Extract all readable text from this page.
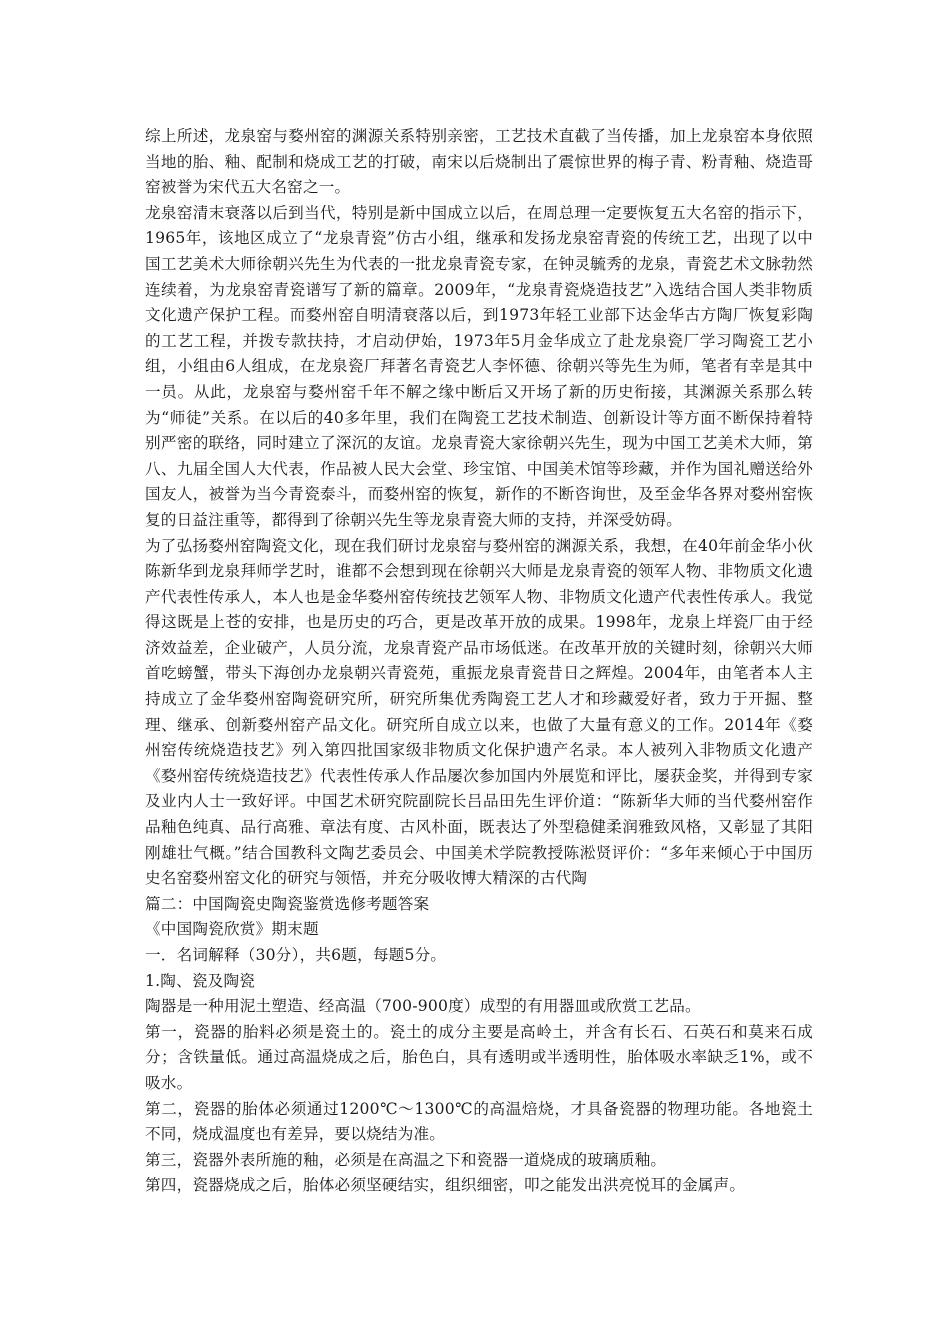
综上所述，龙泉窑与婺州窑的渊源关系特别亲密，工艺技术直截了当传播，加上龙泉窑本身依照当地的胎、釉、配制和烧成工艺的打破，南宋以后烧制出了震惊世界的梅子青、粉青釉、烧造哥窑被誉为宋代五大名窑之一。

龙泉窑清末衰落以后到当代，特别是新中国成立以后，在周总理一定要恢复五大名窑的指示下，1965年，该地区成立了“龙泉青瓷”仿古小组，继承和发扬龙泉窑青瓷的传统工艺，出现了以中国工艺美术大师徐朝兴先生为代表的一批龙泉青瓷专家，在钟灵毓秀的龙泉，青瓷艺术文脉勃然连续着，为龙泉窑青瓷谱写了新的篇章。2009年，“龙泉青瓷烧造技艺”入选结合国人类非物质文化遗产保护工程。而婺州窑自明清衰落以后，到1973年轻工业部下达金华古方陶厂恢复彩陶的工艺工程，并拨专款扶持，才启动伊始，1973年5月金华成立了赴龙泉瓷厂学习陶瓷工艺小组，小组由6人组成，在龙泉瓷厂拜著名青瓷艺人李怀德、徐朝兴等先生为师，笔者有幸是其中一员。从此，龙泉窑与婺州窑千年不解之缘中断后又开场了新的历史衔接，其渊源关系那么转为“师徒”关系。在以后的40多年里，我们在陶瓷工艺技术制造、创新设计等方面不断保持着特别严密的联络，同时建立了深沉的友谊。龙泉青瓷大家徐朝兴先生，现为中国工艺美术大师，第八、九届全国人大代表，作品被人民大会堂、珍宝馆、中国美术馆等珍藏，并作为国礼赠送给外国友人，被誉为当今青瓷泰斗，而婺州窑的恢复，新作的不断咨询世，及至金华各界对婺州窑恢复的日益注重等，都得到了徐朝兴先生等龙泉青瓷大师的支持，并深受妨碍。

为了弘扬婺州窑陶瓷文化，现在我们研讨龙泉窑与婺州窑的渊源关系，我想，在40年前金华小伙陈新华到龙泉拜师学艺时，谁都不会想到现在徐朝兴大师是龙泉青瓷的领军人物、非物质文化遗产代表性传承人，本人也是金华婺州窑传统技艺领军人物、非物质文化遗产代表性传承人。我觉得这既是上苍的安排，也是历史的巧合，更是改革开放的成果。1998年，龙泉上垟瓷厂由于经济效益差，企业破产，人员分流，龙泉青瓷产品市场低迷。在改革开放的关键时刻，徐朝兴大师首吃螃蟹，带头下海创办龙泉朝兴青瓷苑，重振龙泉青瓷昔日之辉煌。2004年，由笔者本人主持成立了金华婺州窑陶瓷研究所，研究所集优秀陶瓷工艺人才和珍藏爱好者，致力于开掘、整理、继承、创新婺州窑产品文化。研究所自成立以来，也做了大量有意义的工作。2014年《婺州窑传统烧造技艺》列入第四批国家级非物质文化保护遗产名录。本人被列入非物质文化遗产《婺州窑传统烧造技艺》代表性传承人作品屡次参加国内外展览和评比，屡获金奖，并得到专家及业内人士一致好评。中国艺术研究院副院长吕品田先生评价道：“陈新华大师的当代婺州窑作品釉色纯真、品行高雅、章法有度、古风朴面，既表达了外型稳健柔润雅致风格，又彰显了其阳刚雄壮气概。”结合国教科文陶艺委员会、中国美术学院教授陈淞贤评价：“多年来倾心于中国历史名窑婺州窑文化的研究与领悟，并充分吸收博大精深的古代陶

篇二：中国陶瓷史陶瓷鉴赏选修考题答案

《中国陶瓷欣赏》期末题

一．名词解释（30分），共6题，每题5分。

1.陶、瓷及陶瓷

陶器是一种用泥土塑造、经高温（700-900度）成型的有用器皿或欣赏工艺品。

第一，瓷器的胎料必须是瓷土的。瓷土的成分主要是高岭土，并含有长石、石英石和莫来石成分；含铁量低。通过高温烧成之后，胎色白，具有透明或半透明性，胎体吸水率缺乏1%，或不吸水。

第二，瓷器的胎体必须通过1200℃～1300℃的高温焙烧，才具备瓷器的物理功能。各地瓷土不同，烧成温度也有差异，要以烧结为准。

第三，瓷器外表所施的釉，必须是在高温之下和瓷器一道烧成的玻璃质釉。

第四，瓷器烧成之后，胎体必须坚硬结实，组织细密，叩之能发出洪亮悦耳的金属声。
